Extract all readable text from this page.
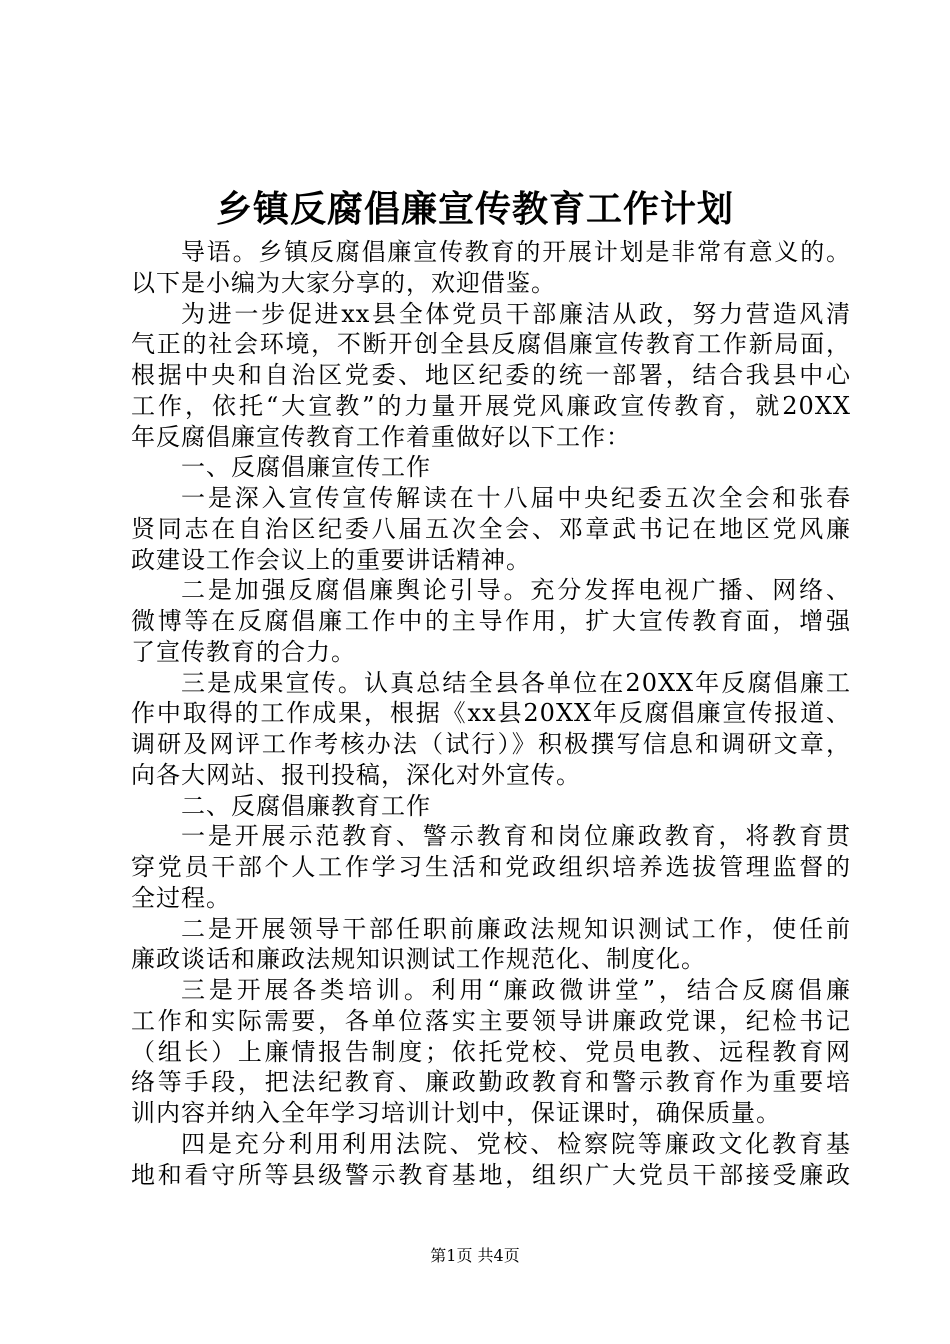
乡镇反腐倡廉宣传教育工作计划
导语。乡镇反腐倡廉宣传教育的开展计划是非常有意义的。
以下是小编为大家分享的，欢迎借鉴。
为进一步促进xx县全体党员干部廉洁从政，努力营造风清
气正的社会环境，不断开创全县反腐倡廉宣传教育工作新局面，
根据中央和自治区党委、地区纪委的统一部署，结合我县中心
工作，依托“大宣教”的力量开展党风廉政宣传教育，就20XX
年反腐倡廉宣传教育工作着重做好以下工作：
一、反腐倡廉宣传工作
一是深入宣传宣传解读在十八届中央纪委五次全会和张春
贤同志在自治区纪委八届五次全会、邓章武书记在地区党风廉
政建设工作会议上的重要讲话精神。
二是加强反腐倡廉舆论引导。充分发挥电视广播、网络、
微博等在反腐倡廉工作中的主导作用，扩大宣传教育面，增强
了宣传教育的合力。
三是成果宣传。认真总结全县各单位在20XX年反腐倡廉工
作中取得的工作成果，根据《xx县20XX年反腐倡廉宣传报道、
调研及网评工作考核办法（试行）》积极撰写信息和调研文章，
向各大网站、报刊投稿，深化对外宣传。
二、反腐倡廉教育工作
一是开展示范教育、警示教育和岗位廉政教育，将教育贯
穿党员干部个人工作学习生活和党政组织培养选拔管理监督的
全过程。
二是开展领导干部任职前廉政法规知识测试工作，使任前
廉政谈话和廉政法规知识测试工作规范化、制度化。
三是开展各类培训。利用“廉政微讲堂”，结合反腐倡廉
工作和实际需要，各单位落实主要领导讲廉政党课，纪检书记
（组长）上廉情报告制度；依托党校、党员电教、远程教育网
络等手段，把法纪教育、廉政勤政教育和警示教育作为重要培
训内容并纳入全年学习培训计划中，保证课时，确保质量。
四是充分利用利用法院、党校、检察院等廉政文化教育基
地和看守所等县级警示教育基地，组织广大党员干部接受廉政
第1页 共4页
